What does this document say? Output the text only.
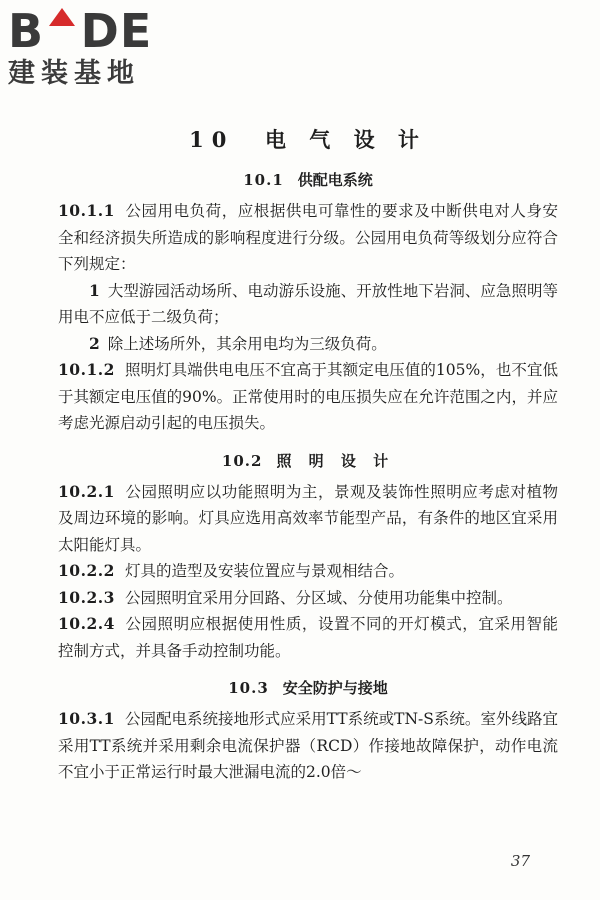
B D E
建装基地
10 电 气 设 计
10.1 供配电系统

10.1.1 公园用电负荷，应根据供电可靠性的要求及中断供电对人身安全和经济损失所造成的影响程度进行分级。公园用电负荷等级划分应符合下列规定：

1 大型游园活动场所、电动游乐设施、开放性地下岩洞、应急照明等用电不应低于二级负荷；

2 除上述场所外，其余用电均为三级负荷。

10.1.2 照明灯具端供电电压不宜高于其额定电压值的105%，也不宜低于其额定电压值的90%。正常使用时的电压损失应在允许范围之内，并应考虑光源启动引起的电压损失。

10.2 照 明 设 计

10.2.1 公园照明应以功能照明为主，景观及装饰性照明应考虑对植物及周边环境的影响。灯具应选用高效率节能型产品，有条件的地区宜采用太阳能灯具。

10.2.2 灯具的造型及安装位置应与景观相结合。

10.2.3 公园照明宜采用分回路、分区域、分使用功能集中控制。

10.2.4 公园照明应根据使用性质，设置不同的开灯模式，宜采用智能控制方式，并具备手动控制功能。

10.3 安全防护与接地

10.3.1 公园配电系统接地形式应采用TT系统或TN-S系统。室外线路宜采用TT系统并采用剩余电流保护器（RCD）作接地故障保护，动作电流不宜小于正常运行时最大泄漏电流的2.0倍～

37
